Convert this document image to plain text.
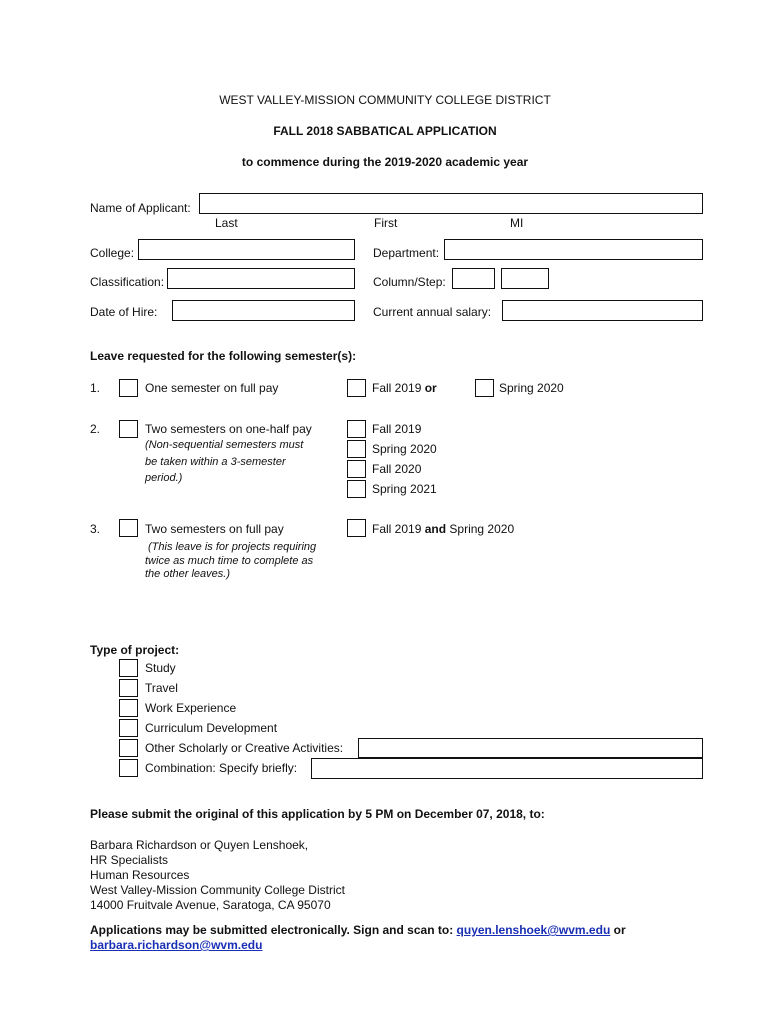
WEST VALLEY-MISSION COMMUNITY COLLEGE DISTRICT
FALL 2018 SABBATICAL APPLICATION
to commence during the 2019-2020 academic year
Name of Applicant:
Last	First	MI
College:	Department:
Classification:	Column/Step:
Date of Hire:	Current annual salary:
Leave requested for the following semester(s):
1.	One semester on full pay	Fall 2019 or	Spring 2020
2.	Two semesters on one-half pay
(Non-sequential semesters must
be taken within a 3-semester
period.)
Fall 2019
Spring 2020
Fall 2020
Spring 2021
3.	Two semesters on full pay
(This leave is for projects requiring
twice as much time to complete as
the other leaves.)
Fall 2019 and Spring 2020
Type of project:
Study
Travel
Work Experience
Curriculum Development
Other Scholarly or Creative Activities:
Combination: Specify briefly:
Please submit the original of this application by 5 PM on December 07, 2018, to:
Barbara Richardson or Quyen Lenshoek,
HR Specialists
Human Resources
West Valley-Mission Community College District
14000 Fruitvale Avenue, Saratoga, CA 95070
Applications may be submitted electronically. Sign and scan to: quyen.lenshoek@wvm.edu or
barbara.richardson@wvm.edu
